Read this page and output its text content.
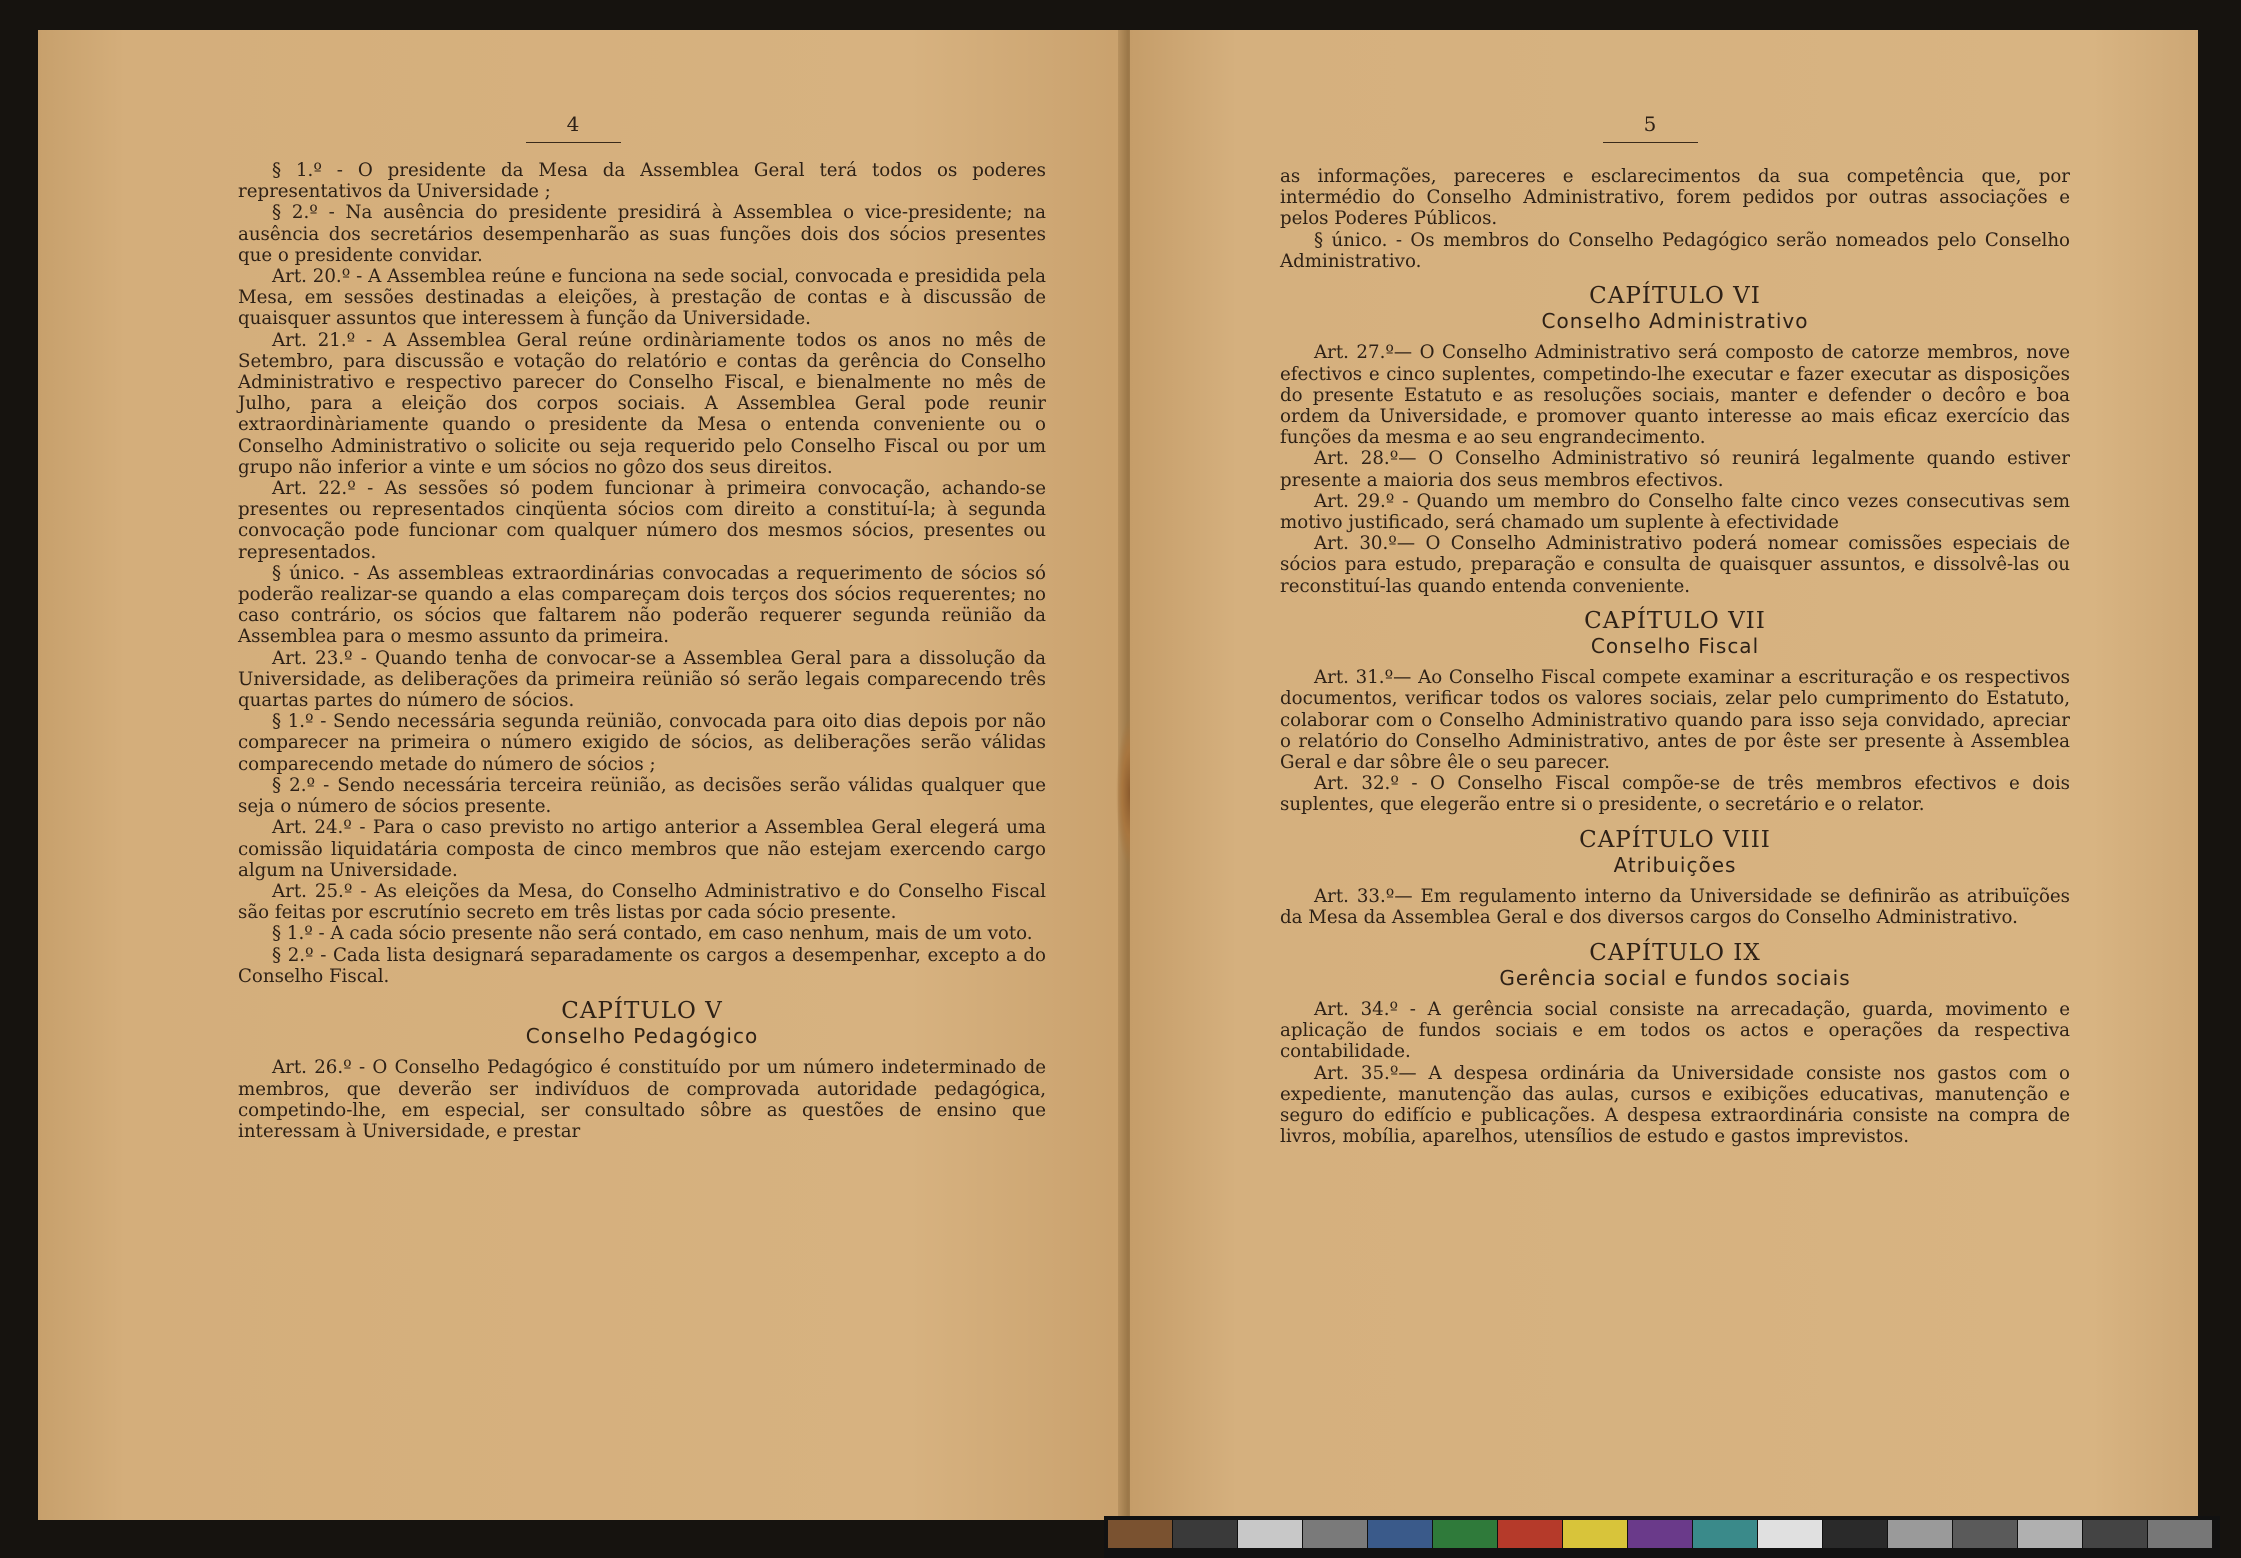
4

§ 1.º - O presidente da Mesa da Assemblea Geral terá todos os poderes representativos da Universidade ;

§ 2.º - Na ausência do presidente presidirá à Assemblea o vice-presidente; na ausência dos secretários desempenharão as suas funções dois dos sócios presentes que o presidente convidar.

Art. 20.º - A Assemblea reúne e funciona na sede social, convocada e presidida pela Mesa, em sessões destinadas a eleições, à prestação de contas e à discussão de quaisquer assuntos que interessem à função da Universidade.

Art. 21.º - A Assemblea Geral reúne ordinàriamente todos os anos no mês de Setembro, para discussão e votação do relatório e contas da gerência do Conselho Administrativo e respectivo parecer do Conselho Fiscal, e bienalmente no mês de Julho, para a eleição dos corpos sociais. A Assemblea Geral pode reunir extraordinàriamente quando o presidente da Mesa o entenda conveniente ou o Conselho Administrativo o solicite ou seja requerido pelo Conselho Fiscal ou por um grupo não inferior a vinte e um sócios no gôzo dos seus direitos.

Art. 22.º - As sessões só podem funcionar à primeira convocação, achando-se presentes ou representados cinqüenta sócios com direito a constituí-la; à segunda convocação pode funcionar com qualquer número dos mesmos sócios, presentes ou representados.

§ único. - As assembleas extraordinárias convocadas a requerimento de sócios só poderão realizar-se quando a elas compareçam dois terços dos sócios requerentes; no caso contrário, os sócios que faltarem não poderão requerer segunda reünião da Assemblea para o mesmo assunto da primeira.

Art. 23.º - Quando tenha de convocar-se a Assemblea Geral para a dissolução da Universidade, as deliberações da primeira reünião só serão legais comparecendo três quartas partes do número de sócios.

§ 1.º - Sendo necessária segunda reünião, convocada para oito dias depois por não comparecer na primeira o número exigido de sócios, as deliberações serão válidas comparecendo metade do número de sócios ;

§ 2.º - Sendo necessária terceira reünião, as decisões serão válidas qualquer que seja o número de sócios presente.

Art. 24.º - Para o caso previsto no artigo anterior a Assemblea Geral elegerá uma comissão liquidatária composta de cinco membros que não estejam exercendo cargo algum na Universidade.

Art. 25.º - As eleições da Mesa, do Conselho Administrativo e do Conselho Fiscal são feitas por escrutínio secreto em três listas por cada sócio presente.

§ 1.º - A cada sócio presente não será contado, em caso nenhum, mais de um voto.

§ 2.º - Cada lista designará separadamente os cargos a desempenhar, excepto a do Conselho Fiscal.

CAPÍTULO V
Conselho Pedagógico

Art. 26.º - O Conselho Pedagógico é constituído por um número indeterminado de membros, que deverão ser indivíduos de comprovada autoridade pedagógica, competindo-lhe, em especial, ser consultado sôbre as questões de ensino que interessam à Universidade, e prestar

5

as informações, pareceres e esclarecimentos da sua competência que, por intermédio do Conselho Administrativo, forem pedidos por outras associações e pelos Poderes Públicos.

§ único. - Os membros do Conselho Pedagógico serão nomeados pelo Conselho Administrativo.

CAPÍTULO VI
Conselho Administrativo

Art. 27.º— O Conselho Administrativo será composto de catorze membros, nove efectivos e cinco suplentes, competindo-lhe executar e fazer executar as disposições do presente Estatuto e as resoluções sociais, manter e defender o decôro e boa ordem da Universidade, e promover quanto interesse ao mais eficaz exercício das funções da mesma e ao seu engrandecimento.

Art. 28.º— O Conselho Administrativo só reunirá legalmente quando estiver presente a maioria dos seus membros efectivos.

Art. 29.º - Quando um membro do Conselho falte cinco vezes consecutivas sem motivo justificado, será chamado um suplente à efectividade

Art. 30.º— O Conselho Administrativo poderá nomear comissões especiais de sócios para estudo, preparação e consulta de quaisquer assuntos, e dissolvê-las ou reconstituí-las quando entenda conveniente.

CAPÍTULO VII
Conselho Fiscal

Art. 31.º— Ao Conselho Fiscal compete examinar a escrituração e os respectivos documentos, verificar todos os valores sociais, zelar pelo cumprimento do Estatuto, colaborar com o Conselho Administrativo quando para isso seja convidado, apreciar o relatório do Conselho Administrativo, antes de por êste ser presente à Assemblea Geral e dar sôbre êle o seu parecer.

Art. 32.º - O Conselho Fiscal compõe-se de três membros efectivos e dois suplentes, que elegerão entre si o presidente, o secretário e o relator.

CAPÍTULO VIII
Atribuições

Art. 33.º— Em regulamento interno da Universidade se definirão as atribuïções da Mesa da Assemblea Geral e dos diversos cargos do Conselho Administrativo.

CAPÍTULO IX
Gerência social e fundos sociais

Art. 34.º - A gerência social consiste na arrecadação, guarda, movimento e aplicação de fundos sociais e em todos os actos e operações da respectiva contabilidade.

Art. 35.º— A despesa ordinária da Universidade consiste nos gastos com o expediente, manutenção das aulas, cursos e exibições educativas, manutenção e seguro do edifício e publicações. A despesa extraordinária consiste na compra de livros, mobília, aparelhos, utensílios de estudo e gastos imprevistos.
